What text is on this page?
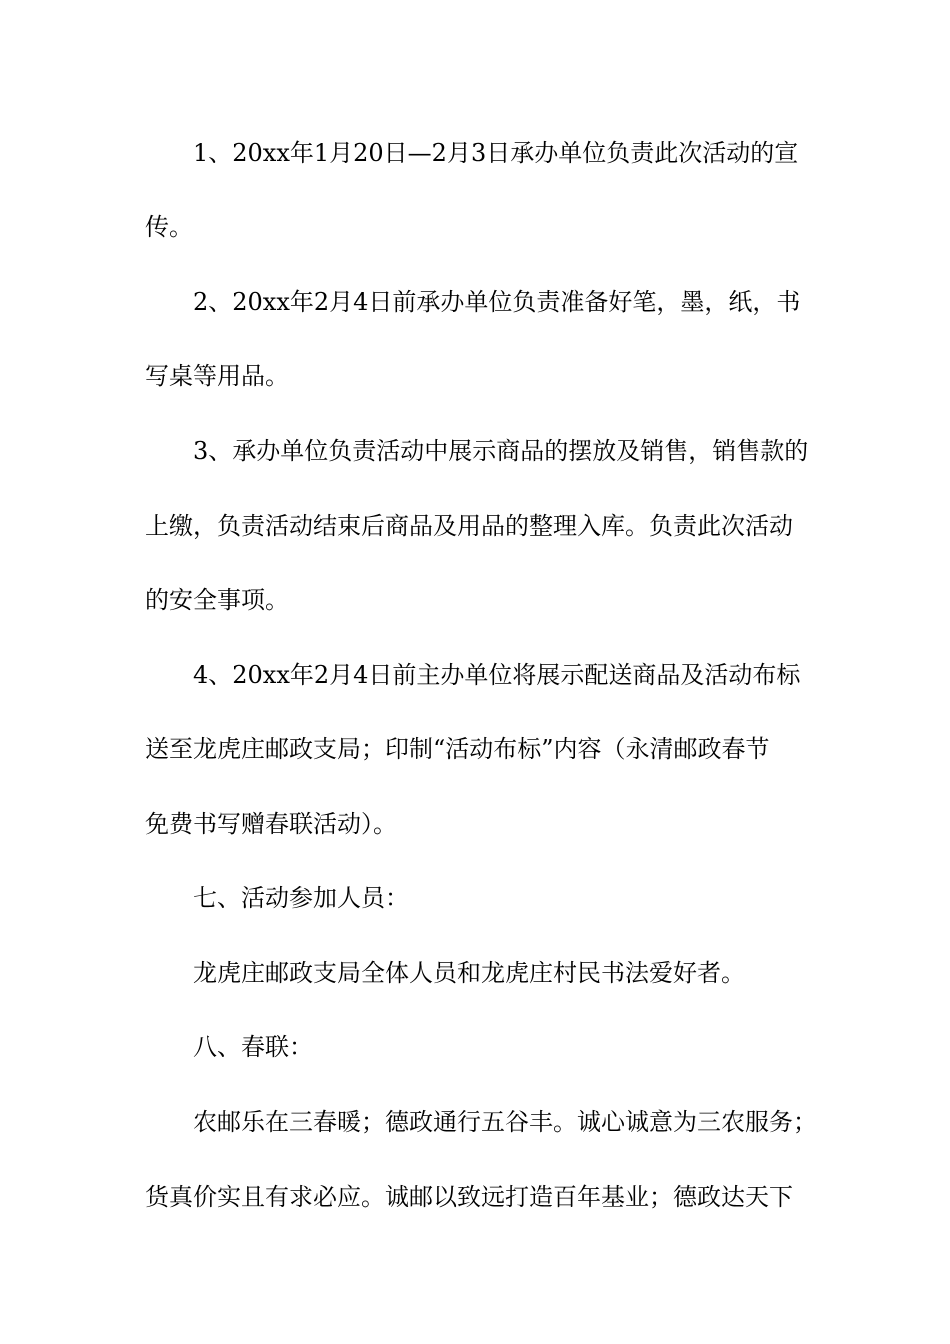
1、20xx年1月20日—2月3日承办单位负责此次活动的宣

传。

2、20xx年2月4日前承办单位负责准备好笔，墨，纸，书

写桌等用品。

3、承办单位负责活动中展示商品的摆放及销售，销售款的

上缴，负责活动结束后商品及用品的整理入库。负责此次活动

的安全事项。

4、20xx年2月4日前主办单位将展示配送商品及活动布标

送至龙虎庄邮政支局；印制“活动布标”内容（永清邮政春节

免费书写赠春联活动）。

七、活动参加人员：

龙虎庄邮政支局全体人员和龙虎庄村民书法爱好者。

八、春联：

农邮乐在三春暖；德政通行五谷丰。诚心诚意为三农服务；

货真价实且有求必应。诚邮以致远打造百年基业；德政达天下
